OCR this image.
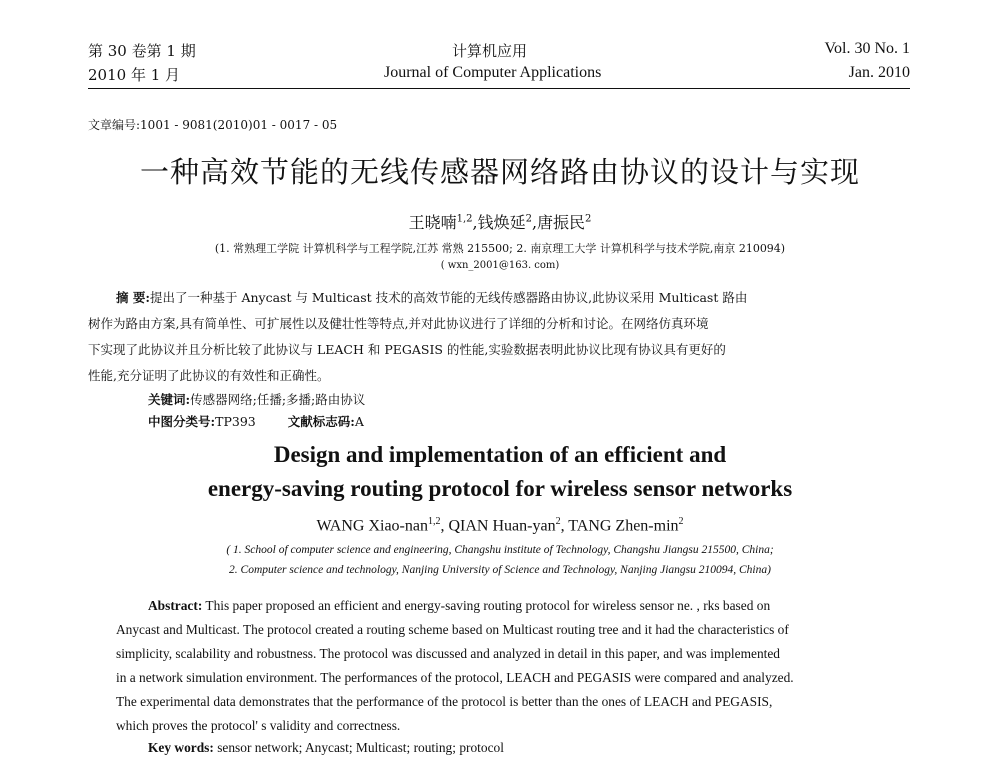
第 30 卷第 1 期
2010 年 1 月
计算机应用
Journal of Computer Applications
Vol. 30 No. 1
Jan. 2010
文章编号:1001 - 9081(2010)01 - 0017 - 05
一种高效节能的无线传感器网络路由协议的设计与实现
王晓喃$^{1,2}$,钱焕延$^2$,唐振民$^2$
(1. 常熟理工学院 计算机科学与工程学院,江苏 常熟 215500; 2. 南京理工大学 计算机科学与技术学院,南京 210094)
( wxn_2001@163. com)
摘 要:提出了一种基于 Anycast 与 Multicast 技术的高效节能的无线传感器路由协议,此协议采用 Multicast 路由
树作为路由方案,具有简单性、可扩展性以及健壮性等特点,并对此协议进行了详细的分析和讨论。在网络仿真环境
下实现了此协议并且分析比较了此协议与 LEACH 和 PEGASIS 的性能,实验数据表明此协议比现有协议具有更好的
性能,充分证明了此协议的有效性和正确性。
关键词:传感器网络;任播;多播;路由协议
中图分类号:TP393	文献标志码:A
Design and implementation of an efficient and
energy-saving routing protocol for wireless sensor networks
WANG Xiao-nan$^{1,2}$, QIAN Huan-yan$^2$, TANG Zhen-$\min^2$
( 1. School of computer science and engineering, Changshu institute of Technology, Changshu Jiangsu 215500, China;
2. Computer science and technology, Nanjing University of Science and Technology, Nanjing Jiangsu 210094, China)
Abstract: This paper proposed an efficient and energy-saving routing protocol for wireless sensor ne. , rks based on
Anycast and Multicast. The protocol created a routing scheme based on Multicast routing tree and it had the characteristics of
simplicity, scalability and robustness. The protocol was discussed and analyzed in detail in this paper, and was implemented
in a network simulation environment. The performances of the protocol, LEACH and PEGASIS were compared and analyzed.
The experimental data demonstrates that the performance of the protocol is better than the ones of LEACH and PEGASIS,
which proves the protocol' s validity and correctness.
Key words: sensor network; Anycast; Multicast; routing; protocol
